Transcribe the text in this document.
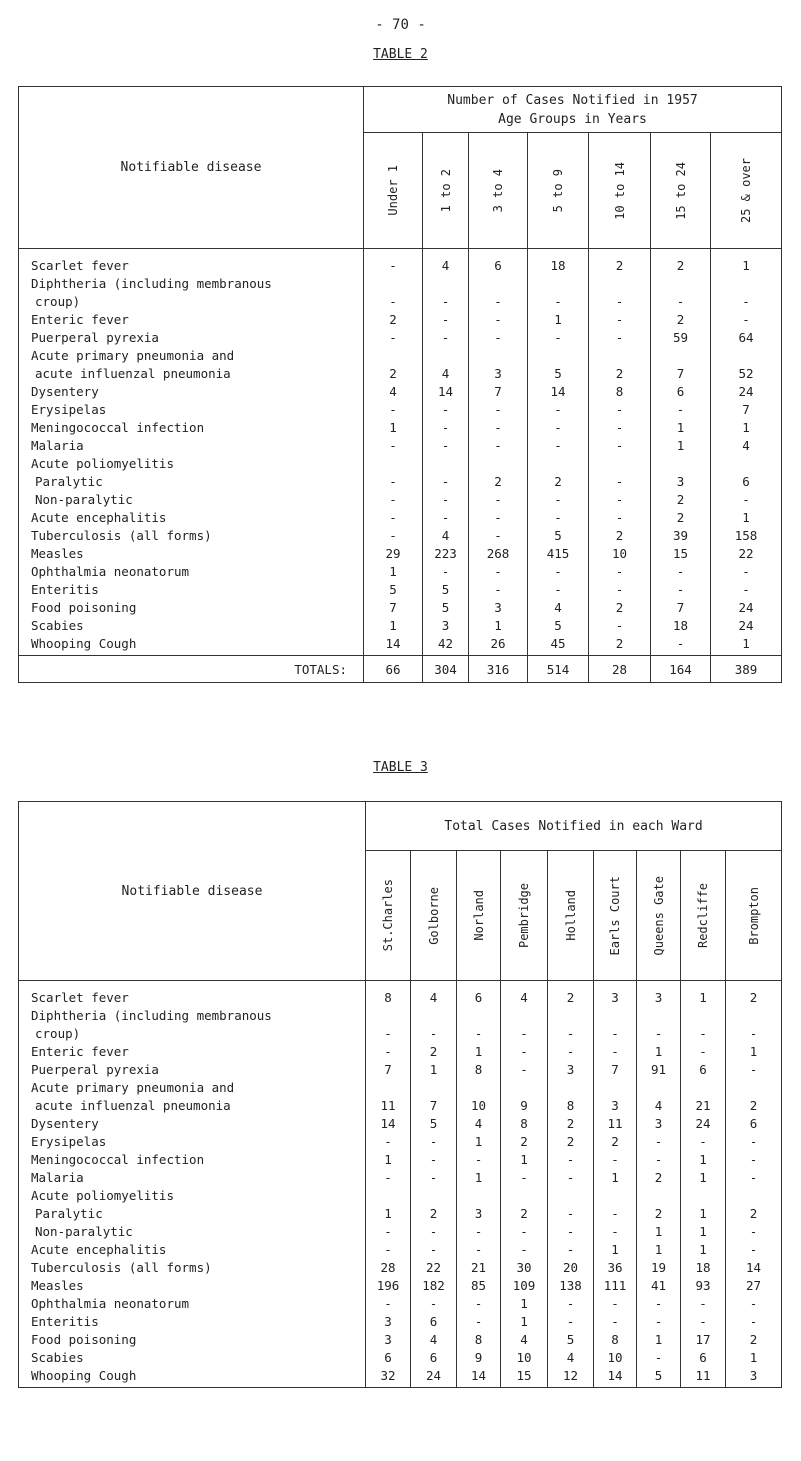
- 70 -
TABLE 2
Notifiable disease	Number of Cases Notified in 1957
Age Groups in Years						

	Under 1	1 to 2	3 to 4	5 to 9	10 to 14	15 to 24	25 & over

Scarlet fever	-	4	6	18	2	2	1
Diphtheria (including membranous							
croup)	-	-	-	-	-	-	-
Enteric fever	2	-	-	1	-	2	-
Puerperal pyrexia	-	-	-	-	-	59	64
Acute primary pneumonia and							
acute influenzal pneumonia	2	4	3	5	2	7	52
Dysentery	4	14	7	14	8	6	24
Erysipelas	-	-	-	-	-	-	7
Meningococcal infection	1	-	-	-	-	1	1
Malaria	-	-	-	-	-	1	4
Acute poliomyelitis							
Paralytic	-	-	2	2	-	3	6
Non-paralytic	-	-	-	-	-	2	-
Acute encephalitis	-	-	-	-	-	2	1
Tuberculosis (all forms)	-	4	-	5	2	39	158
Measles	29	223	268	415	10	15	22
Ophthalmia neonatorum	1	-	-	-	-	-	-
Enteritis	5	5	-	-	-	-	-
Food poisoning	7	5	3	4	2	7	24
Scabies	1	3	1	5	-	18	24
Whooping Cough	14	42	26	45	2	-	1
TOTALS:	66	304	316	514	28	164	389
TABLE 3
Notifiable disease	Total Cases Notified in each Ward								

	St.Charles	Golborne	Norland	Pembridge	Holland	Earls Court	Queens Gate	Redcliffe	Brompton

Scarlet fever	8	4	6	4	2	3	3	1	2
Diphtheria (including membranous									
croup)	-	-	-	-	-	-	-	-	-
Enteric fever	-	2	1	-	-	-	1	-	1
Puerperal pyrexia	7	1	8	-	3	7	91	6	-
Acute primary pneumonia and									
acute influenzal pneumonia	11	7	10	9	8	3	4	21	2
Dysentery	14	5	4	8	2	11	3	24	6
Erysipelas	-	-	1	2	2	2	-	-	-
Meningococcal infection	1	-	-	1	-	-	-	1	-
Malaria	-	-	1	-	-	1	2	1	-
Acute poliomyelitis									
Paralytic	1	2	3	2	-	-	2	1	2
Non-paralytic	-	-	-	-	-	-	1	1	-
Acute encephalitis	-	-	-	-	-	1	1	1	-
Tuberculosis (all forms)	28	22	21	30	20	36	19	18	14
Measles	196	182	85	109	138	111	41	93	27
Ophthalmia neonatorum	-	-	-	1	-	-	-	-	-
Enteritis	3	6	-	1	-	-	-	-	-
Food poisoning	3	4	8	4	5	8	1	17	2
Scabies	6	6	9	10	4	10	-	6	1
Whooping Cough	32	24	14	15	12	14	5	11	3
